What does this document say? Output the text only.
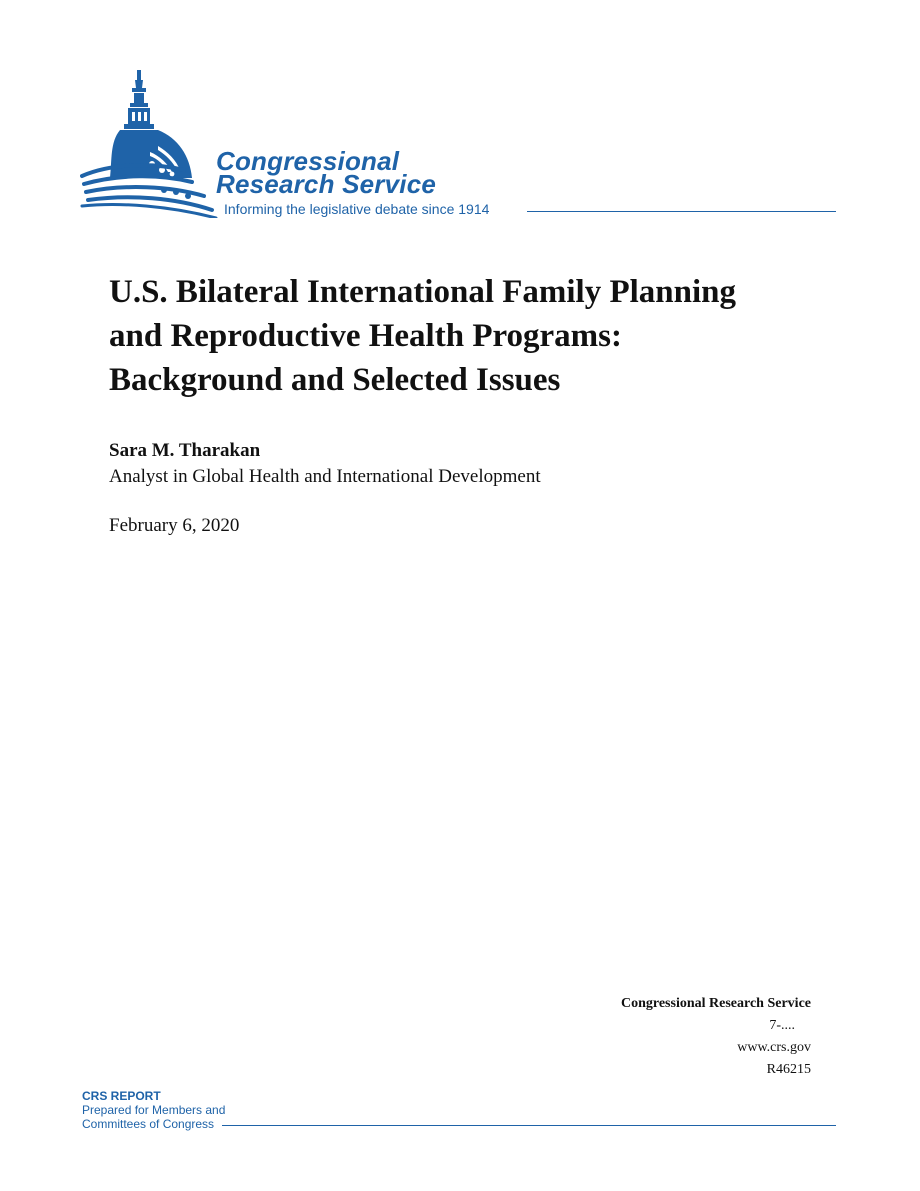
Congressional
Research Service
Informing the legislative debate since 1914
U.S. Bilateral International Family Planning
and Reproductive Health Programs:
Background and Selected Issues
Sara M. Tharakan
Analyst in Global Health and International Development
February 6, 2020
Congressional Research Service
7-....
www.crs.gov
R46215
CRS REPORT
Prepared for Members and
Committees of Congress
